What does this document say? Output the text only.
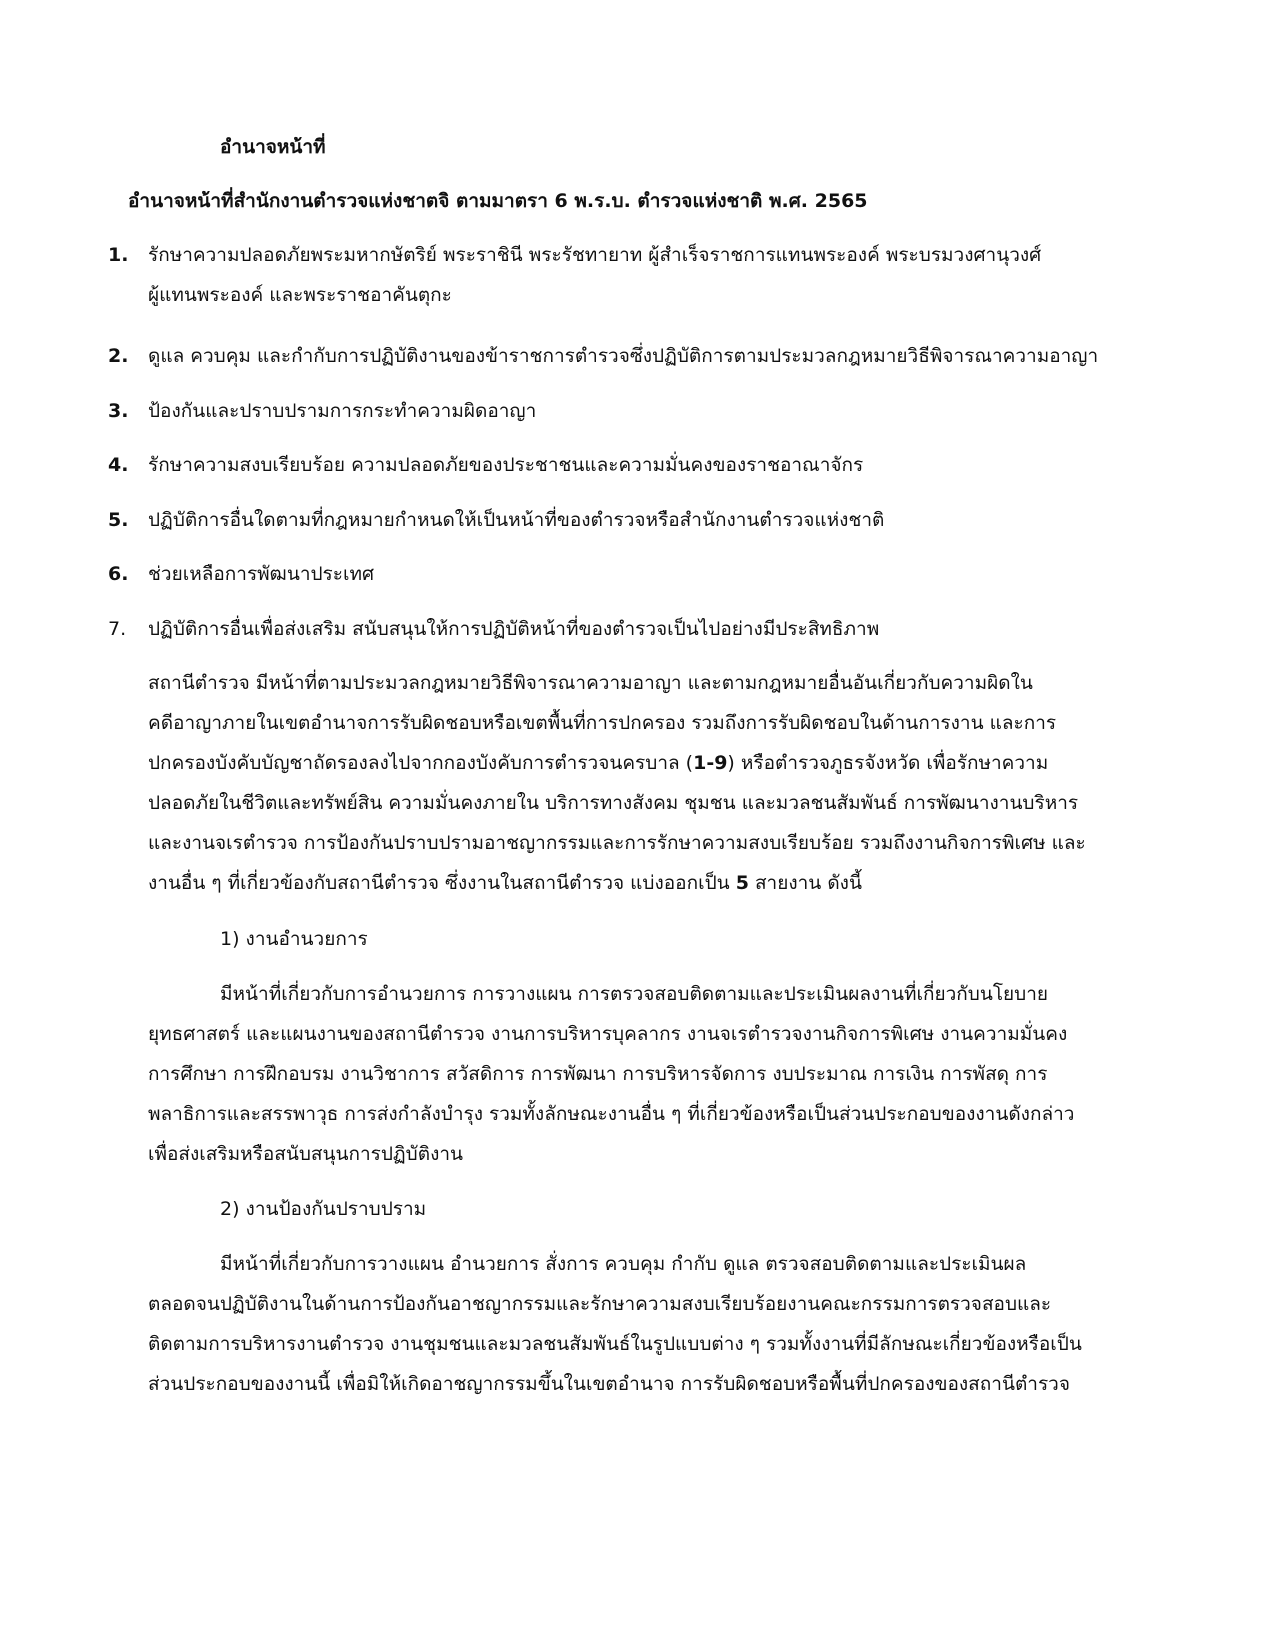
อำนาจหน้าที่
อำนาจหน้าที่สำนักงานตำรวจแห่งชาตจิ ตามมาตรา 6 พ.ร.บ. ตำรวจแห่งชาติ พ.ศ. 2565
1. รักษาความปลอดภัยพระมหากษัตริย์ พระราชินี พระรัชทายาท ผู้สำเร็จราชการแทนพระองค์ พระบรมวงศานุวงศ์
ผู้แทนพระองค์ และพระราชอาคันตุกะ
2. ดูแล ควบคุม และกำกับการปฏิบัติงานของข้าราชการตำรวจซึ่งปฏิบัติการตามประมวลกฎหมายวิธีพิจารณาความอาญา
3. ป้องกันและปราบปรามการกระทำความผิดอาญา
4. รักษาความสงบเรียบร้อย ความปลอดภัยของประชาชนและความมั่นคงของราชอาณาจักร
5. ปฏิบัติการอื่นใดตามที่กฎหมายกำหนดให้เป็นหน้าที่ของตำรวจหรือสำนักงานตำรวจแห่งชาติ
6. ช่วยเหลือการพัฒนาประเทศ
7. ปฏิบัติการอื่นเพื่อส่งเสริม สนับสนุนให้การปฏิบัติหน้าที่ของตำรวจเป็นไปอย่างมีประสิทธิภาพ
สถานีตำรวจ มีหน้าที่ตามประมวลกฎหมายวิธีพิจารณาความอาญา และตามกฎหมายอื่นอันเกี่ยวกับความผิดใน
คดีอาญาภายในเขตอำนาจการรับผิดชอบหรือเขตพื้นที่การปกครอง รวมถึงการรับผิดชอบในด้านการงาน และการ
ปกครองบังคับบัญชาถัดรองลงไปจากกองบังคับการตำรวจนครบาล (1-9) หรือตำรวจภูธรจังหวัด เพื่อรักษาความ
ปลอดภัยในชีวิตและทรัพย์สิน ความมั่นคงภายใน บริการทางสังคม ชุมชน และมวลชนสัมพันธ์ การพัฒนางานบริหาร
และงานจเรตำรวจ การป้องกันปราบปรามอาชญากรรมและการรักษาความสงบเรียบร้อย รวมถึงงานกิจการพิเศษ และ
งานอื่น ๆ ที่เกี่ยวข้องกับสถานีตำรวจ ซึ่งงานในสถานีตำรวจ แบ่งออกเป็น 5 สายงาน ดังนี้
1) งานอำนวยการ
มีหน้าที่เกี่ยวกับการอำนวยการ การวางแผน การตรวจสอบติดตามและประเมินผลงานที่เกี่ยวกับนโยบาย
ยุทธศาสตร์ และแผนงานของสถานีตำรวจ งานการบริหารบุคลากร งานจเรตำรวจงานกิจการพิเศษ งานความมั่นคง
การศึกษา การฝึกอบรม งานวิชาการ สวัสดิการ การพัฒนา การบริหารจัดการ งบประมาณ การเงิน การพัสดุ การ
พลาธิการและสรรพาวุธ การส่งกำลังบำรุง รวมทั้งลักษณะงานอื่น ๆ ที่เกี่ยวข้องหรือเป็นส่วนประกอบของงานดังกล่าว
เพื่อส่งเสริมหรือสนับสนุนการปฏิบัติงาน
2) งานป้องกันปราบปราม
มีหน้าที่เกี่ยวกับการวางแผน อำนวยการ สั่งการ ควบคุม กำกับ ดูแล ตรวจสอบติดตามและประเมินผล
ตลอดจนปฏิบัติงานในด้านการป้องกันอาชญากรรมและรักษาความสงบเรียบร้อยงานคณะกรรมการตรวจสอบและ
ติดตามการบริหารงานตำรวจ งานชุมชนและมวลชนสัมพันธ์ในรูปแบบต่าง ๆ รวมทั้งงานที่มีลักษณะเกี่ยวข้องหรือเป็น
ส่วนประกอบของงานนี้ เพื่อมิให้เกิดอาชญากรรมขึ้นในเขตอำนาจ การรับผิดชอบหรือพื้นที่ปกครองของสถานีตำรวจ
